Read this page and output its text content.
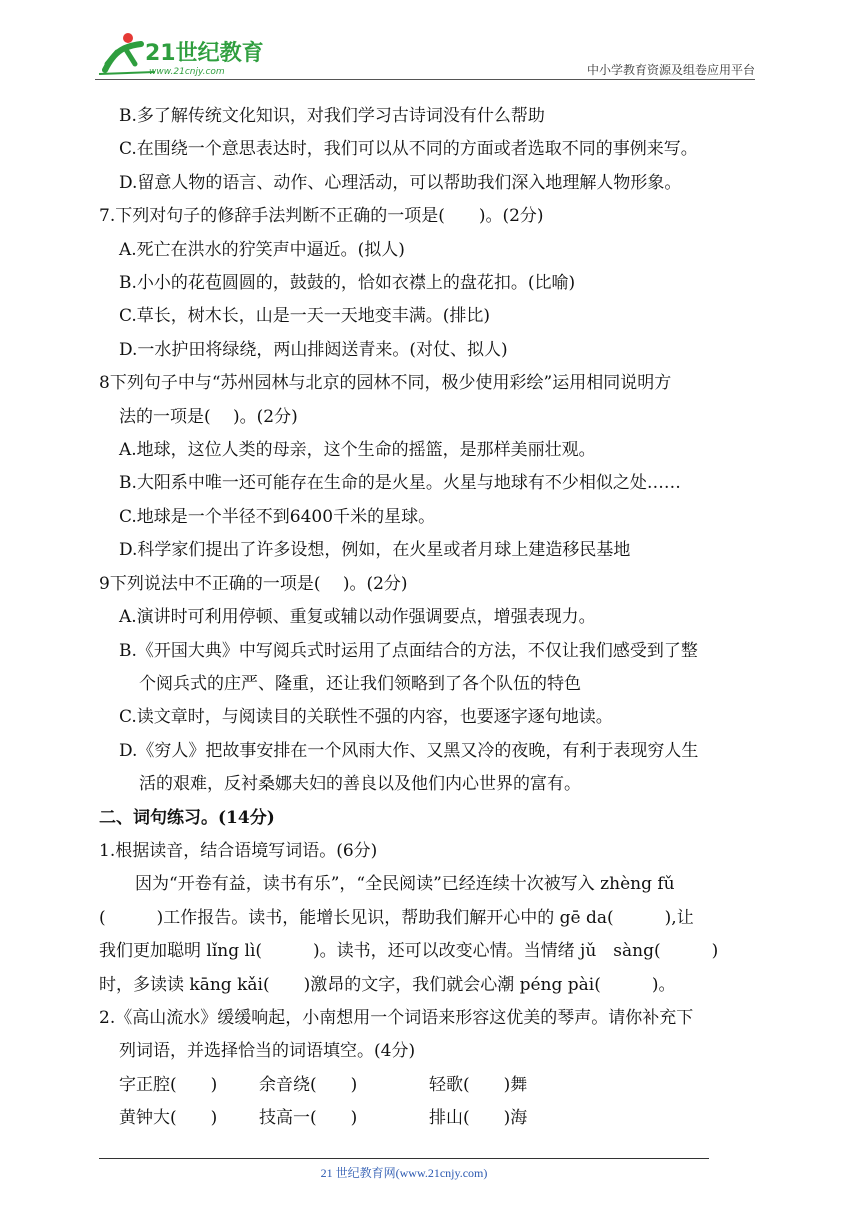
21世纪教育
www.21cnjy.com	中小学教育资源及组卷应用平台
B.多了解传统文化知识，对我们学习古诗词没有什么帮助
C.在围绕一个意思表达时，我们可以从不同的方面或者选取不同的事例来写。
D.留意人物的语言、动作、心理活动，可以帮助我们深入地理解人物形象。
7.下列对句子的修辞手法判断不正确的一项是(　　)。(2分)
A.死亡在洪水的狞笑声中逼近。(拟人)
B.小小的花苞圆圆的，鼓鼓的，恰如衣襟上的盘花扣。(比喻)
C.草长，树木长，山是一天一天地变丰满。(排比)
D.一水护田将绿绕，两山排闼送青来。(对仗、拟人)
8下列句子中与“苏州园林与北京的园林不同，极少使用彩绘”运用相同说明方
法的一项是(　 )。(2分)
A.地球，这位人类的母亲，这个生命的摇篮，是那样美丽壮观。
B.大阳系中唯一还可能存在生命的是火星。火星与地球有不少相似之处……
C.地球是一个半径不到6400千米的星球。
D.科学家们提出了许多设想，例如，在火星或者月球上建造移民基地
9下列说法中不正确的一项是(　 )。(2分)
A.演讲时可利用停顿、重复或辅以动作强调要点，增强表现力。
B.《开国大典》中写阅兵式时运用了点面结合的方法，不仅让我们感受到了整
个阅兵式的庄严、隆重，还让我们领略到了各个队伍的特色
C.读文章时，与阅读目的关联性不强的内容，也要逐字逐句地读。
D.《穷人》把故事安排在一个风雨大作、又黑又冷的夜晚，有利于表现穷人生
活的艰难，反衬桑娜夫妇的善良以及他们内心世界的富有。
二、词句练习。(14分)
1.根据读音，结合语境写词语。(6分)
因为“开卷有益，读书有乐”，“全民阅读”已经连续十次被写入 zhèng fǔ
(　　　)工作报告。读书，能增长见识，帮助我们解开心中的 gē da(　　　),让
我们更加聪明 lǐng lì(　　　)。读书，还可以改变心情。当情绪 jǔ　sàng(　　　)
时，多读读 kāng kǎi(　　)激昂的文字，我们就会心潮 péng pài(　　　)。
2.《高山流水》缓缓响起，小南想用一个词语来形容这优美的琴声。请你补充下
列词语，并选择恰当的词语填空。(4分)
字正腔(　　)	余音绕(　　)	轻歌(　　)舞
黄钟大(　　)	技高一(　　)	排山(　　)海
21 世纪教育网(www.21cnjy.com)
